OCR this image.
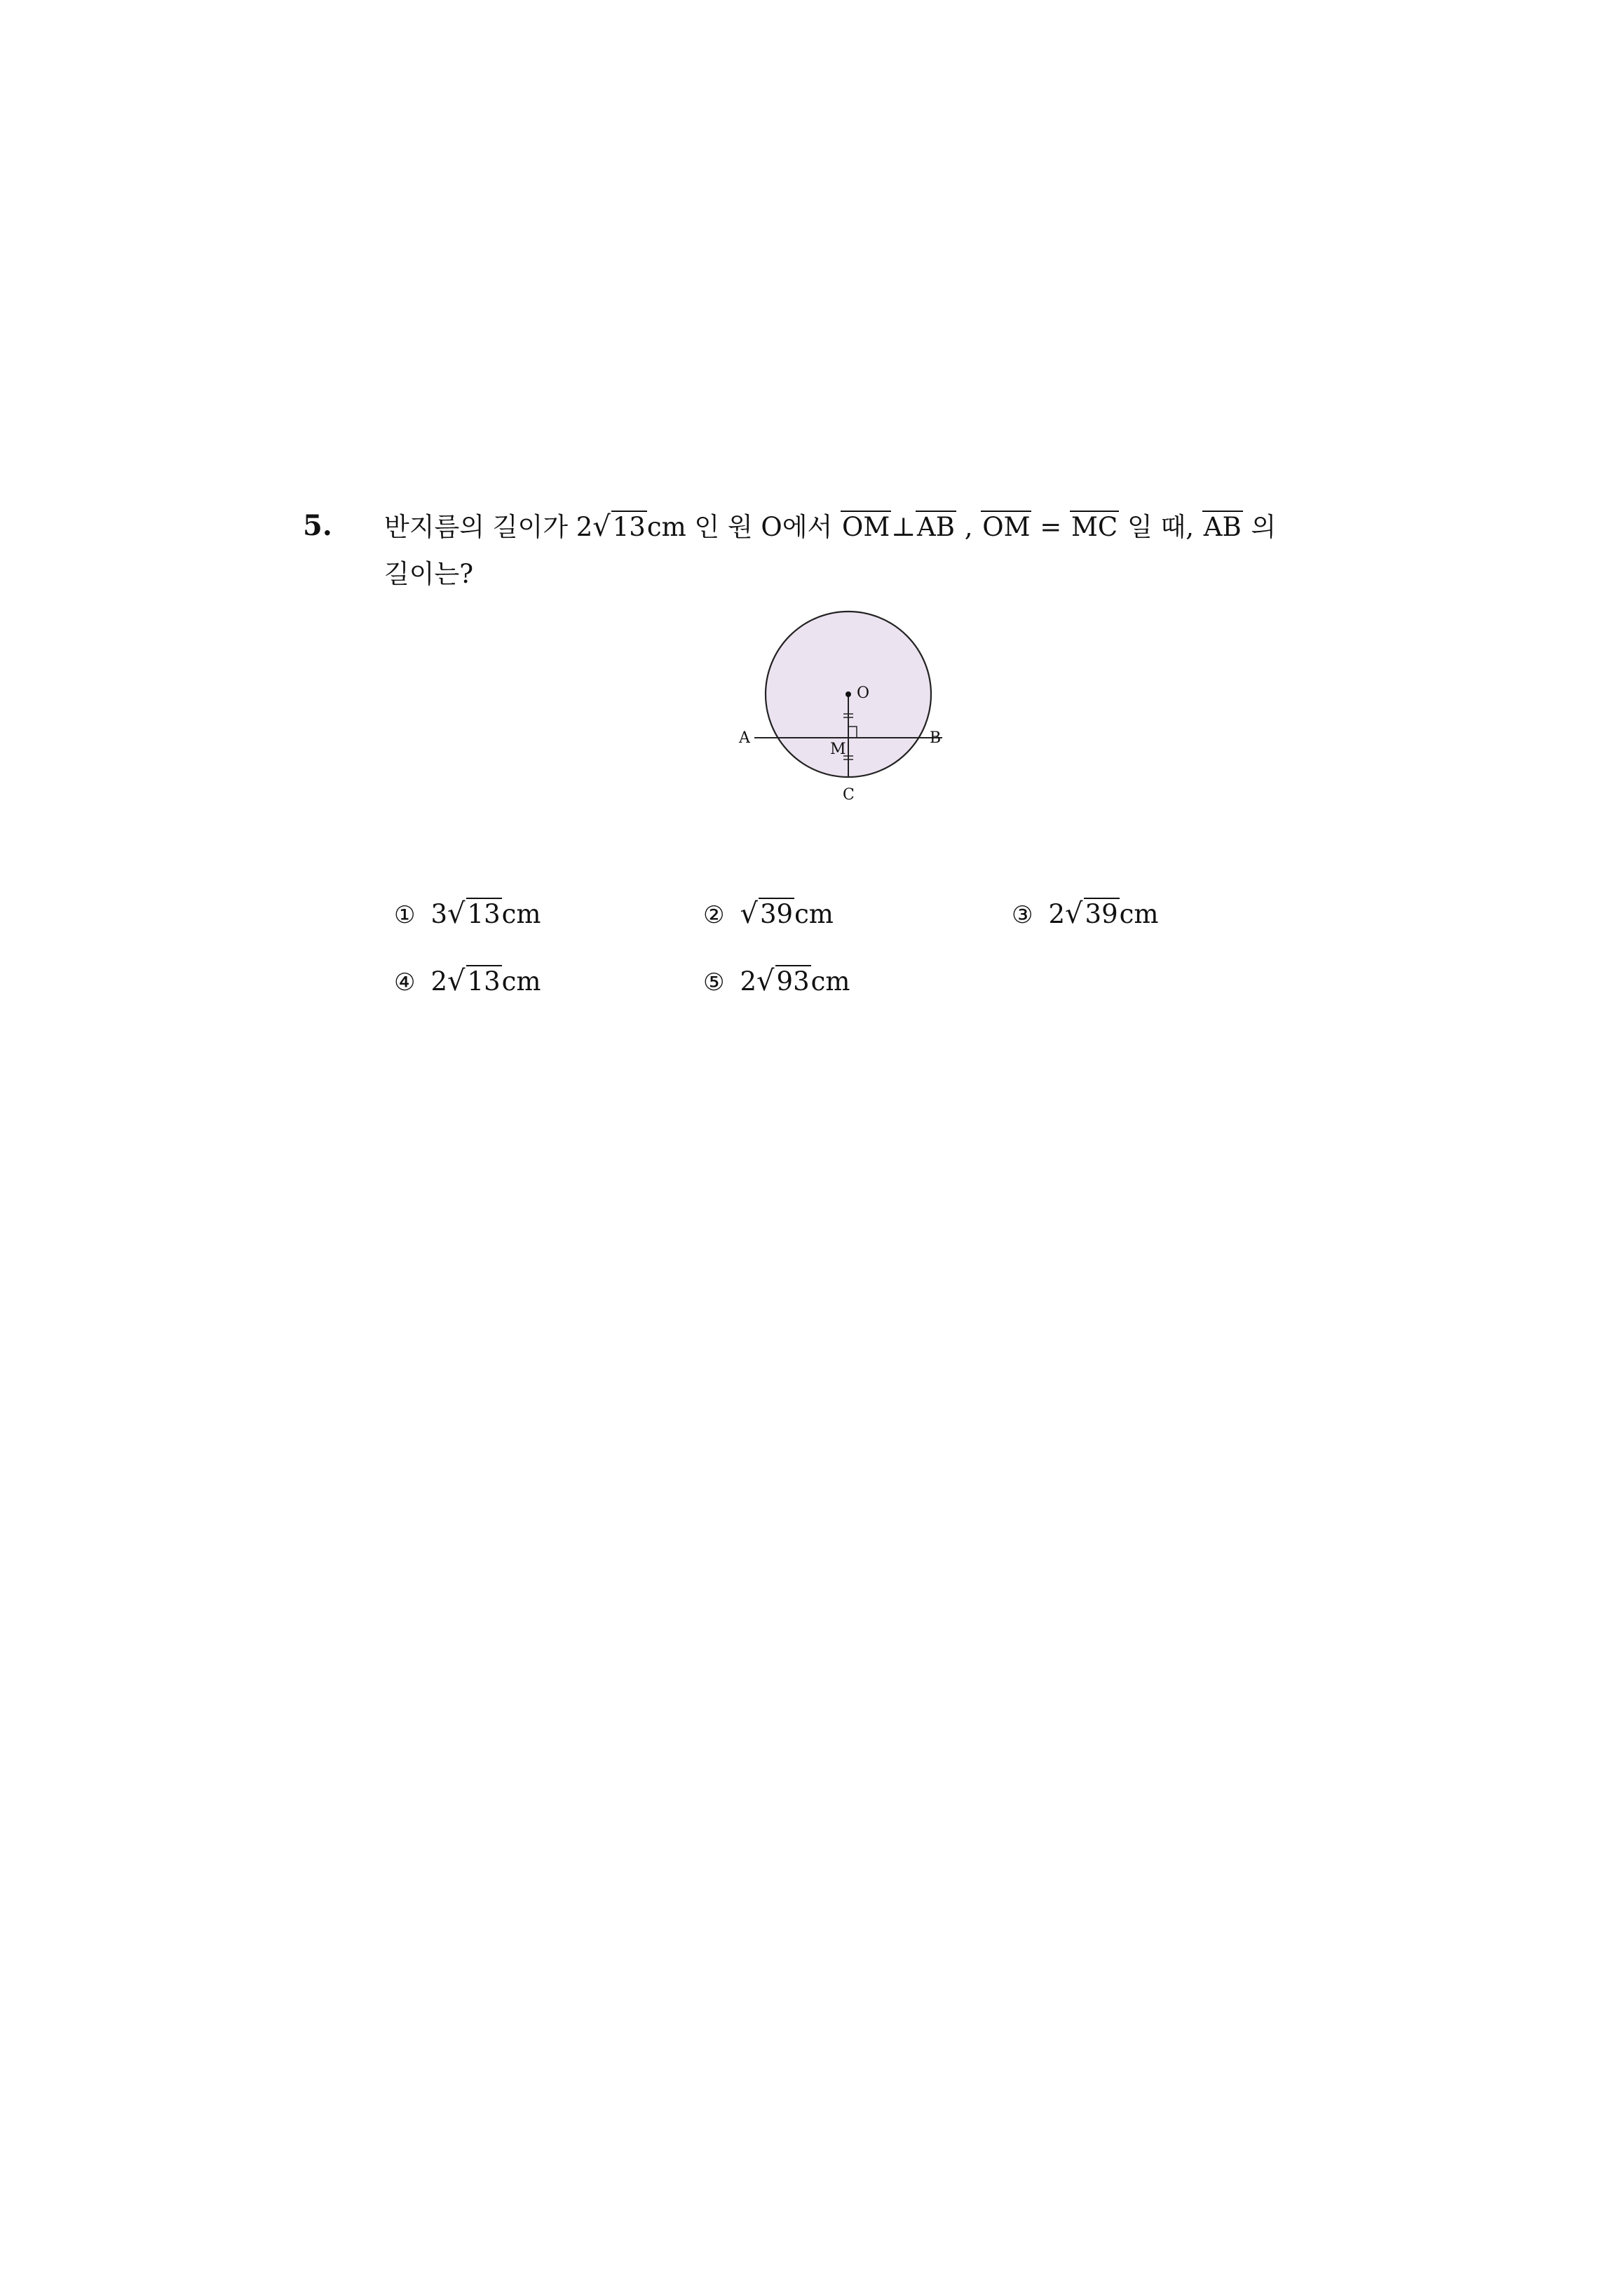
5. 반지름의 길이가 2√13cm 인 원 O에서 OM⊥AB , OM = MC 일 때, AB 의
길이는?
O
A	B
M
C
① 3√13cm	② √39cm	③ 2√39cm
④ 2√13cm	⑤ 2√93cm
